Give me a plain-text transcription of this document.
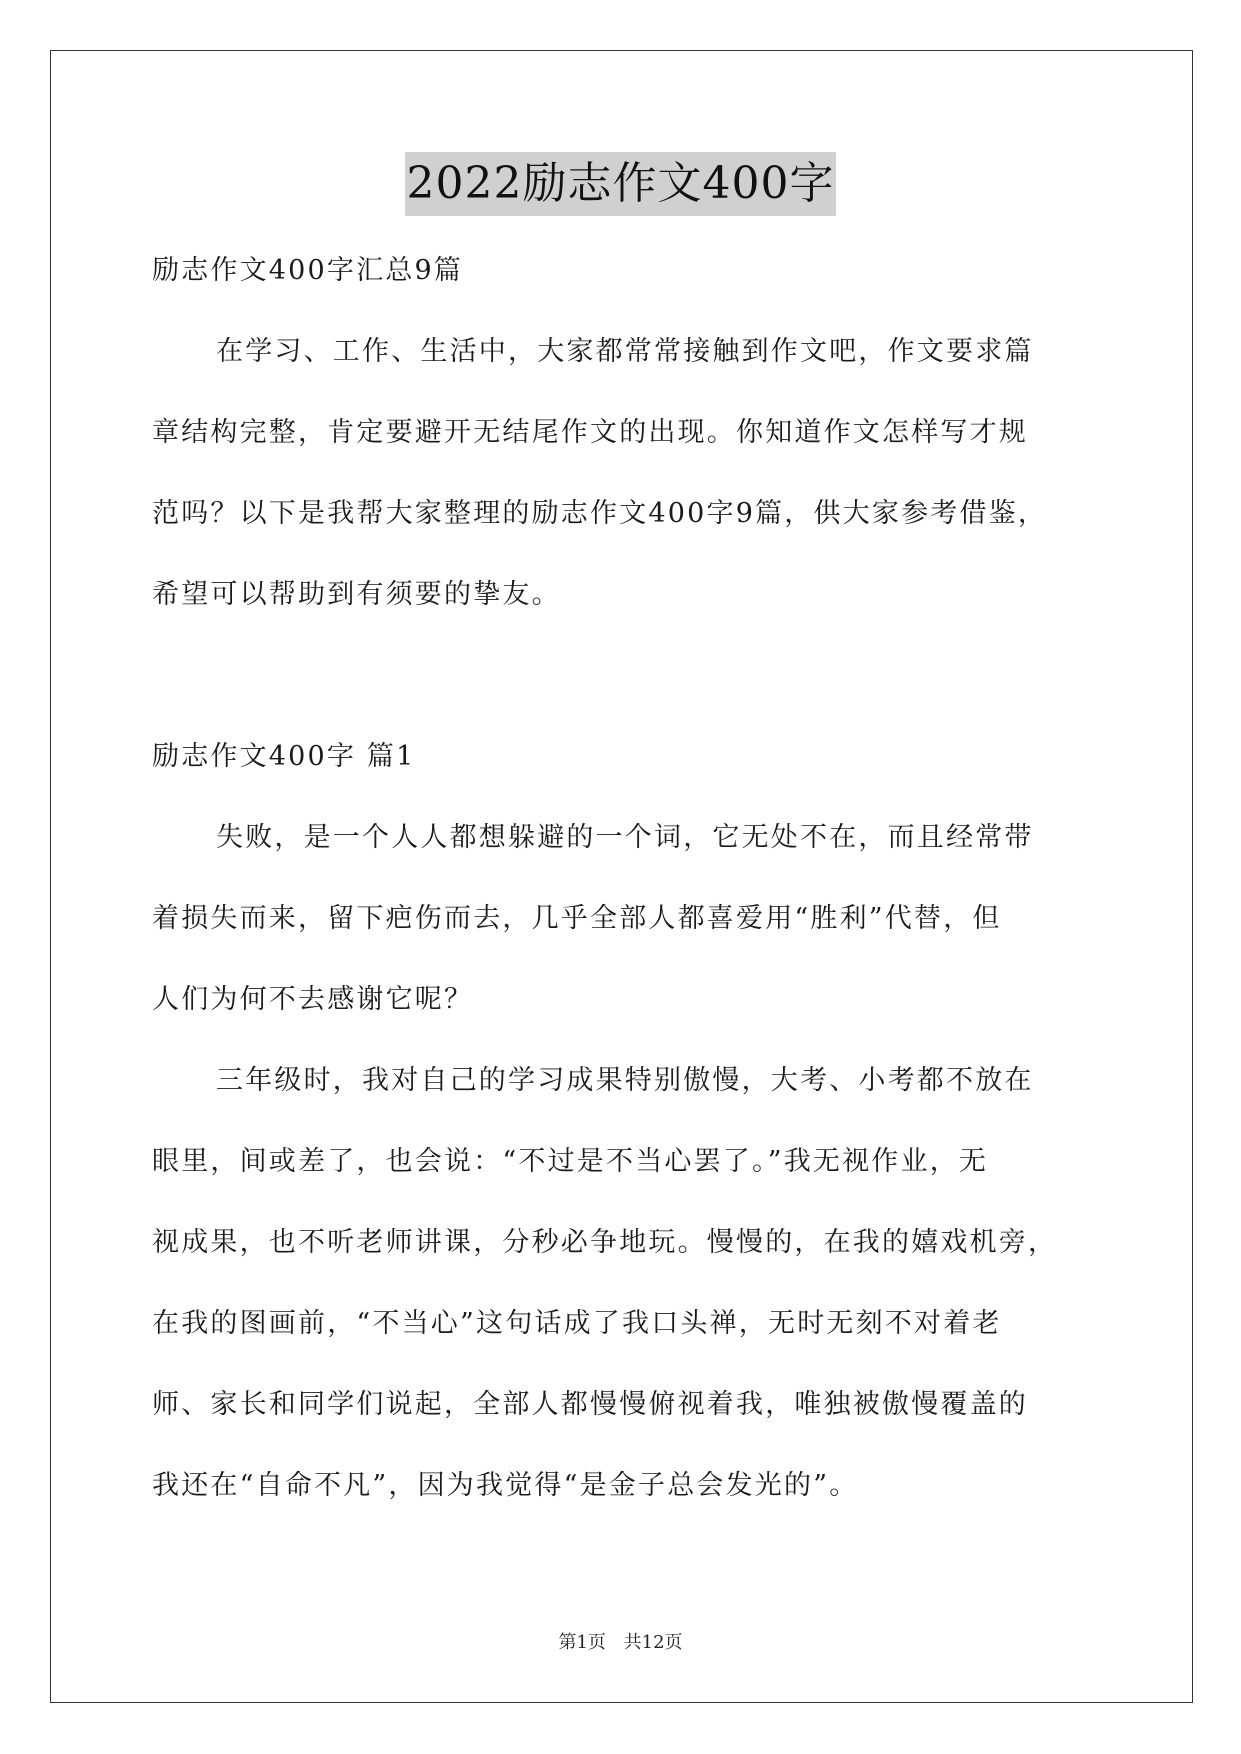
2022励志作文400字
励志作文400字汇总9篇
在学习、工作、生活中，大家都常常接触到作文吧，作文要求篇
章结构完整，肯定要避开无结尾作文的出现。你知道作文怎样写才规
范吗？以下是我帮大家整理的励志作文400字9篇，供大家参考借鉴，
希望可以帮助到有须要的挚友。
励志作文400字 篇1
失败，是一个人人都想躲避的一个词，它无处不在，而且经常带
着损失而来，留下疤伤而去，几乎全部人都喜爱用“胜利”代替，但
人们为何不去感谢它呢？
三年级时，我对自己的学习成果特别傲慢，大考、小考都不放在
眼里，间或差了，也会说：“不过是不当心罢了。”我无视作业，无
视成果，也不听老师讲课，分秒必争地玩。慢慢的，在我的嬉戏机旁，
在我的图画前，“不当心”这句话成了我口头禅，无时无刻不对着老
师、家长和同学们说起，全部人都慢慢俯视着我，唯独被傲慢覆盖的
我还在“自命不凡”，因为我觉得“是金子总会发光的”。
第1页 共12页
